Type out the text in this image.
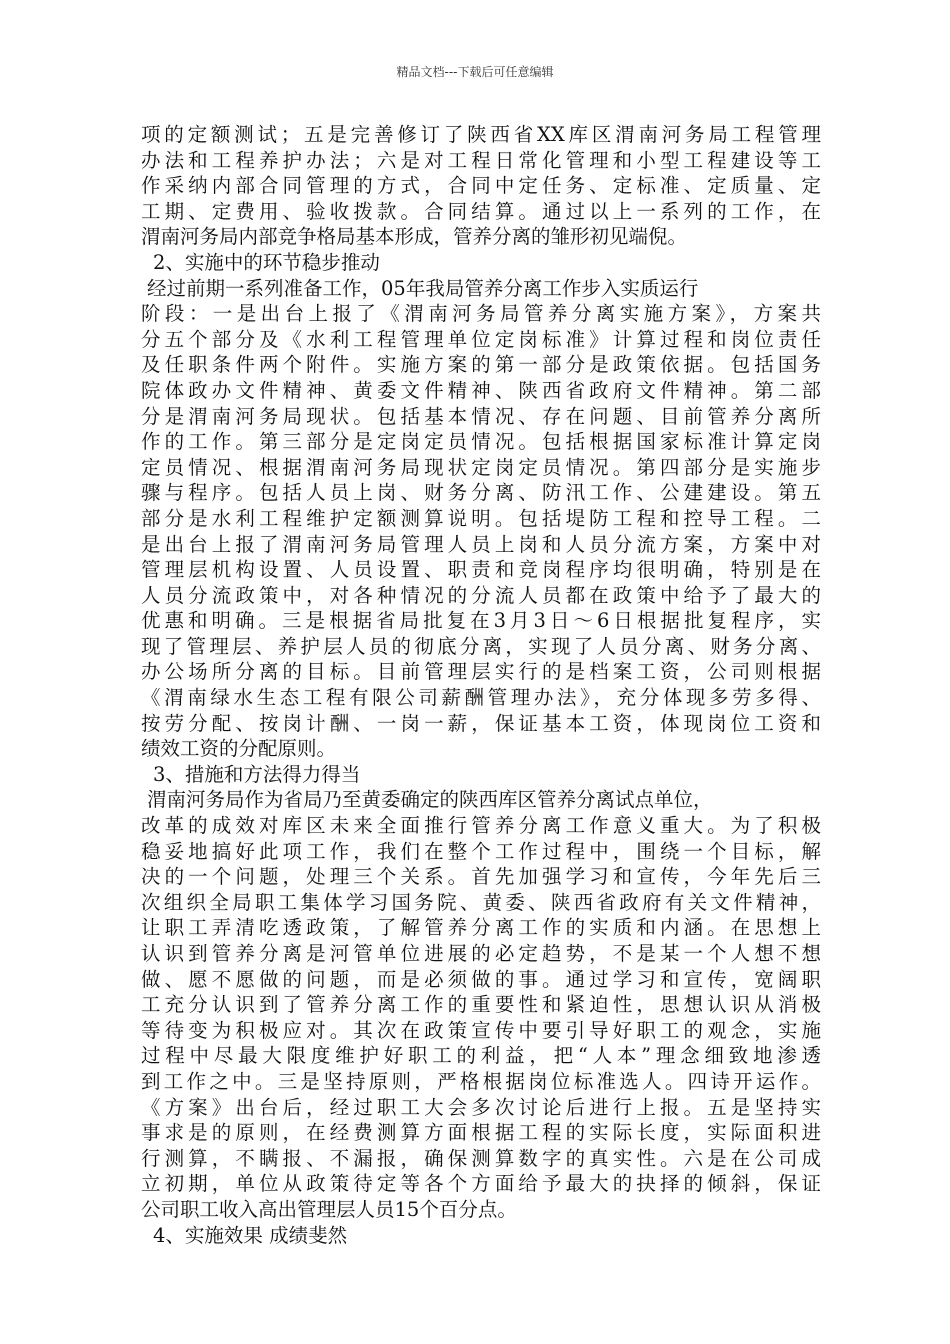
精品文档---下载后可任意编辑
项的定额测试；五是完善修订了陕西省XX库区渭南河务局工程管理
办法和工程养护办法；六是对工程日常化管理和小型工程建设等工
作采纳内部合同管理的方式，合同中定任务、定标准、定质量、定
工期、定费用、验收拨款。合同结算。通过以上一系列的工作，在
渭南河务局内部竞争格局基本形成，管养分离的雏形初见端倪。
2、实施中的环节稳步推动
经过前期一系列准备工作，05年我局管养分离工作步入实质运行
阶段：一是出台上报了《渭南河务局管养分离实施方案》，方案共
分五个部分及《水利工程管理单位定岗标准》计算过程和岗位责任
及任职条件两个附件。实施方案的第一部分是政策依据。包括国务
院体政办文件精神、黄委文件精神、陕西省政府文件精神。第二部
分是渭南河务局现状。包括基本情况、存在问题、目前管养分离所
作的工作。第三部分是定岗定员情况。包括根据国家标准计算定岗
定员情况、根据渭南河务局现状定岗定员情况。第四部分是实施步
骤与程序。包括人员上岗、财务分离、防汛工作、公建建设。第五
部分是水利工程维护定额测算说明。包括堤防工程和控导工程。二
是出台上报了渭南河务局管理人员上岗和人员分流方案，方案中对
管理层机构设置、人员设置、职责和竞岗程序均很明确，特别是在
人员分流政策中，对各种情况的分流人员都在政策中给予了最大的
优惠和明确。三是根据省局批复在3月3日～6日根据批复程序，实
现了管理层、养护层人员的彻底分离，实现了人员分离、财务分离、
办公场所分离的目标。目前管理层实行的是档案工资，公司则根据
《渭南绿水生态工程有限公司薪酬管理办法》，充分体现多劳多得、
按劳分配、按岗计酬、一岗一薪，保证基本工资，体现岗位工资和
绩效工资的分配原则。
3、措施和方法得力得当
渭南河务局作为省局乃至黄委确定的陕西库区管养分离试点单位，
改革的成效对库区未来全面推行管养分离工作意义重大。为了积极
稳妥地搞好此项工作，我们在整个工作过程中，围绕一个目标，解
决的一个问题，处理三个关系。首先加强学习和宣传，今年先后三
次组织全局职工集体学习国务院、黄委、陕西省政府有关文件精神，
让职工弄清吃透政策，了解管养分离工作的实质和内涵。在思想上
认识到管养分离是河管单位进展的必定趋势，不是某一个人想不想
做、愿不愿做的问题，而是必须做的事。通过学习和宣传，宽阔职
工充分认识到了管养分离工作的重要性和紧迫性，思想认识从消极
等待变为积极应对。其次在政策宣传中要引导好职工的观念，实施
过程中尽最大限度维护好职工的利益，把“人本”理念细致地渗透
到工作之中。三是坚持原则，严格根据岗位标准选人。四诗开运作。
《方案》出台后，经过职工大会多次讨论后进行上报。五是坚持实
事求是的原则，在经费测算方面根据工程的实际长度，实际面积进
行测算，不瞒报、不漏报，确保测算数字的真实性。六是在公司成
立初期，单位从政策待定等各个方面给予最大的抉择的倾斜，保证
公司职工收入高出管理层人员15个百分点。
4、实施效果 成绩斐然
